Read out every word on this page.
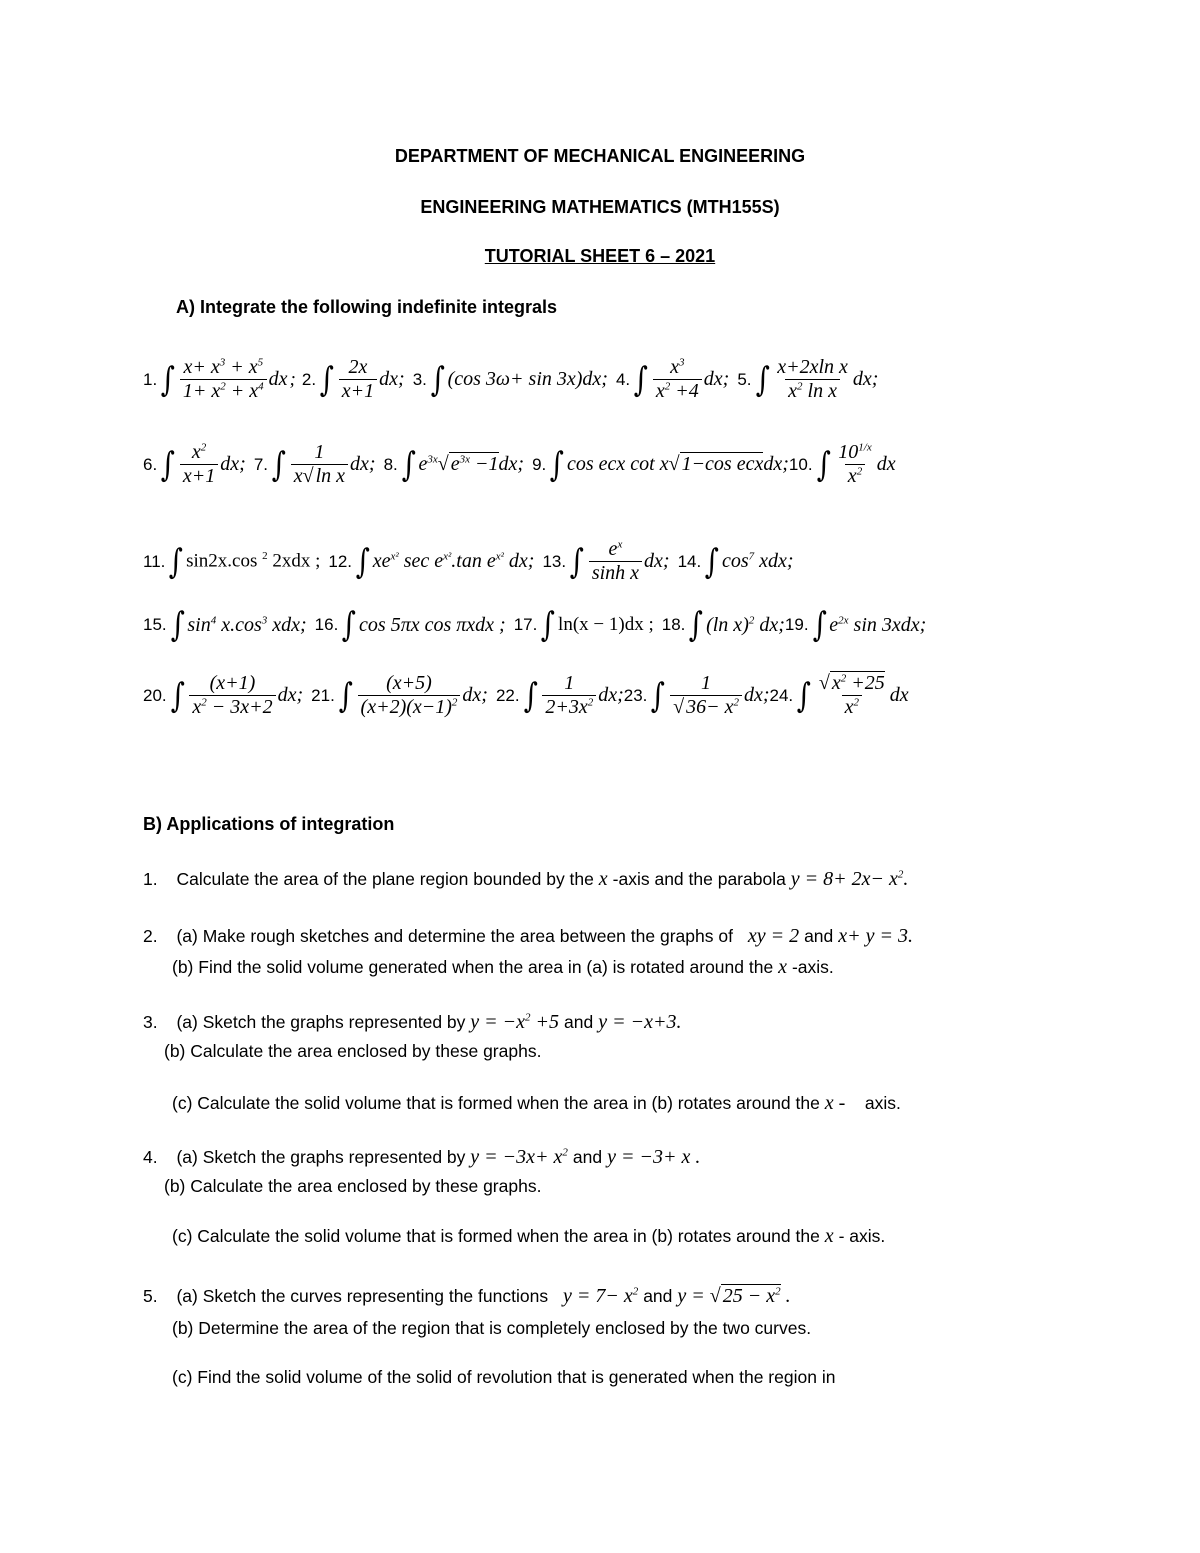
DEPARTMENT OF MECHANICAL ENGINEERING
ENGINEERING MATHEMATICS (MTH155S)
TUTORIAL SHEET 6 – 2021
A) Integrate the following indefinite integrals
1. ∫ $\frac{x+ x^3 + x^5}{1+ x^2 + x^4}$ dx ; 2. ∫ $\frac{2x}{x+1}$ dx; 3. ∫ (cos 3ω+ sin 3x)dx; 4. ∫ $\frac{x^3}{x^2 +4}$ dx; 5. ∫ $\frac{\text{x+2xln x}}{x^2 \ln x}$ dx;
6. ∫ $\frac{x^2}{x+1}$ dx; 7. ∫ $\frac{1}{\text{x√ ln x}}$ dx; 8. ∫ $e^{3x}√$ $e^{3x} -1dx$; 9. ∫ cos ecx cot x√ 1−cos ecxdx; 10. ∫ $\frac{10^{1/x}}{x^2}$ dx
11. ∫ sin2x.cos $^2$ 2xdx ; 12. ∫ $xe^{x^2}$ $\sec e^{x^2}.\tan$ $e^{x^2}$ dx; 13. ∫ $\frac{e^x}{\text{sinh x}}$ dx; 14. ∫ $\cos^7$ xdx;
15. ∫ $\sin^4 x.\cos^3$ xdx; 16. ∫ cos 5πx cos πxdx ; 17. ∫ ln(x − 1)dx ; 18. ∫ (ln x)$^2$ dx; 19. ∫ $e^{2x}$ sin 3xdx;
20. ∫ $\frac{(x+1)}{x^2 - 3x+2}$ dx; 21. ∫ $\frac{(x+5)}{(x+2)(x-1)^2}$ dx; 22. ∫ $\frac{1}{2+3x^2}$ dx; 23. ∫ $\frac{1}{√ 36- x^2}$ dx; 24. ∫ $\frac{√ x^2 +25}{x^2}$ dx
B) Applications of integration
1. Calculate the area of the plane region bounded by the x -axis and the parabola $y = 8+ 2x- x^2$.
2. (a) Make rough sketches and determine the area between the graphs of   xy = 2 and x+ y = 3.
(b) Find the solid volume generated when the area in (a) is rotated around the x -axis.
3. (a) Sketch the graphs represented by $y = -x^2 +5$ and y = −x+3.
(b) Calculate the area enclosed by these graphs.
(c) Calculate the solid volume that is formed when the area in (b) rotates around the x -    axis.
4. (a) Sketch the graphs represented by $y = -3x+ x^2$ and y = −3+ x .
(b) Calculate the area enclosed by these graphs.
(c) Calculate the solid volume that is formed when the area in (b) rotates around the x - axis.
5. (a) Sketch the curves representing the functions   $y = 7- x^2$ and y = √ $25 - x^2$ .
(b) Determine the area of the region that is completely enclosed by the two curves.
(c) Find the solid volume of the solid of revolution that is generated when the region in
